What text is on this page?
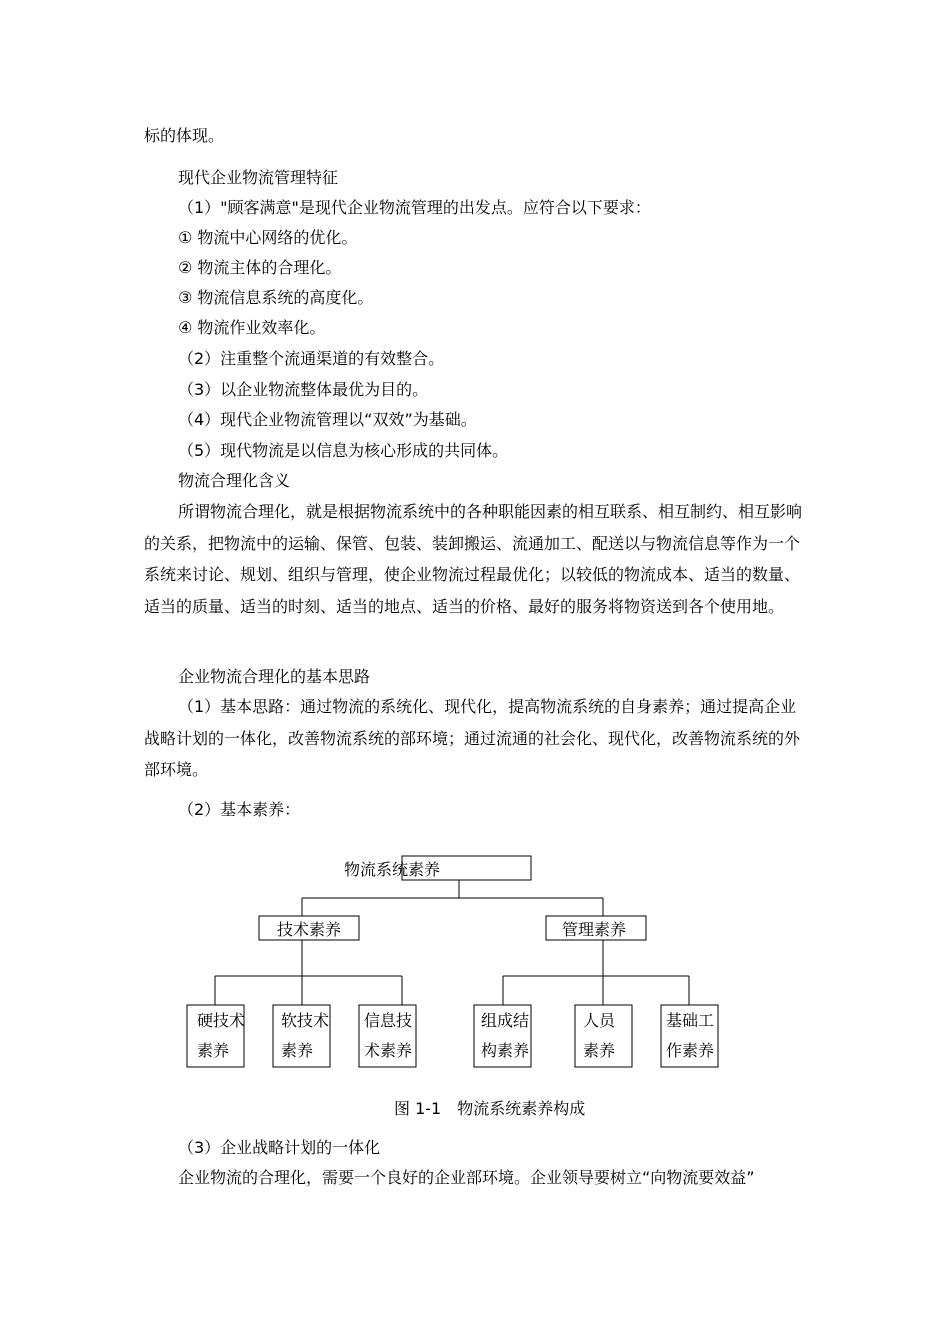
标的体现。
现代企业物流管理特征
（1）"顾客满意"是现代企业物流管理的出发点。应符合以下要求：
① 物流中心网络的优化。
② 物流主体的合理化。
③ 物流信息系统的高度化。
④ 物流作业效率化。
（2）注重整个流通渠道的有效整合。
（3）以企业物流整体最优为目的。
（4）现代企业物流管理以“双效”为基础。
（5）现代物流是以信息为核心形成的共同体。
物流合理化含义
所谓物流合理化，就是根据物流系统中的各种职能因素的相互联系、相互制约、相互影响的关系，把物流中的运输、保管、包装、装卸搬运、流通加工、配送以与物流信息等作为一个系统来讨论、规划、组织与管理，使企业物流过程最优化；以较低的物流成本、适当的数量、适当的质量、适当的时刻、适当的地点、适当的价格、最好的服务将物资送到各个使用地。
企业物流合理化的基本思路
（1）基本思路：通过物流的系统化、现代化，提高物流系统的自身素养；通过提高企业战略计划的一体化，改善物流系统的部环境；通过流通的社会化、现代化，改善物流系统的外部环境。
（2）基本素养：
物流系统素养
技术素养	管理素养
硬技术
素养
软技术
素养
信息技
术素养
组成结
构素养
人员
素养
基础工
作素养
图 1-1 物流系统素养构成
（3）企业战略计划的一体化
企业物流的合理化，需要一个良好的企业部环境。企业领导要树立“向物流要效益”
